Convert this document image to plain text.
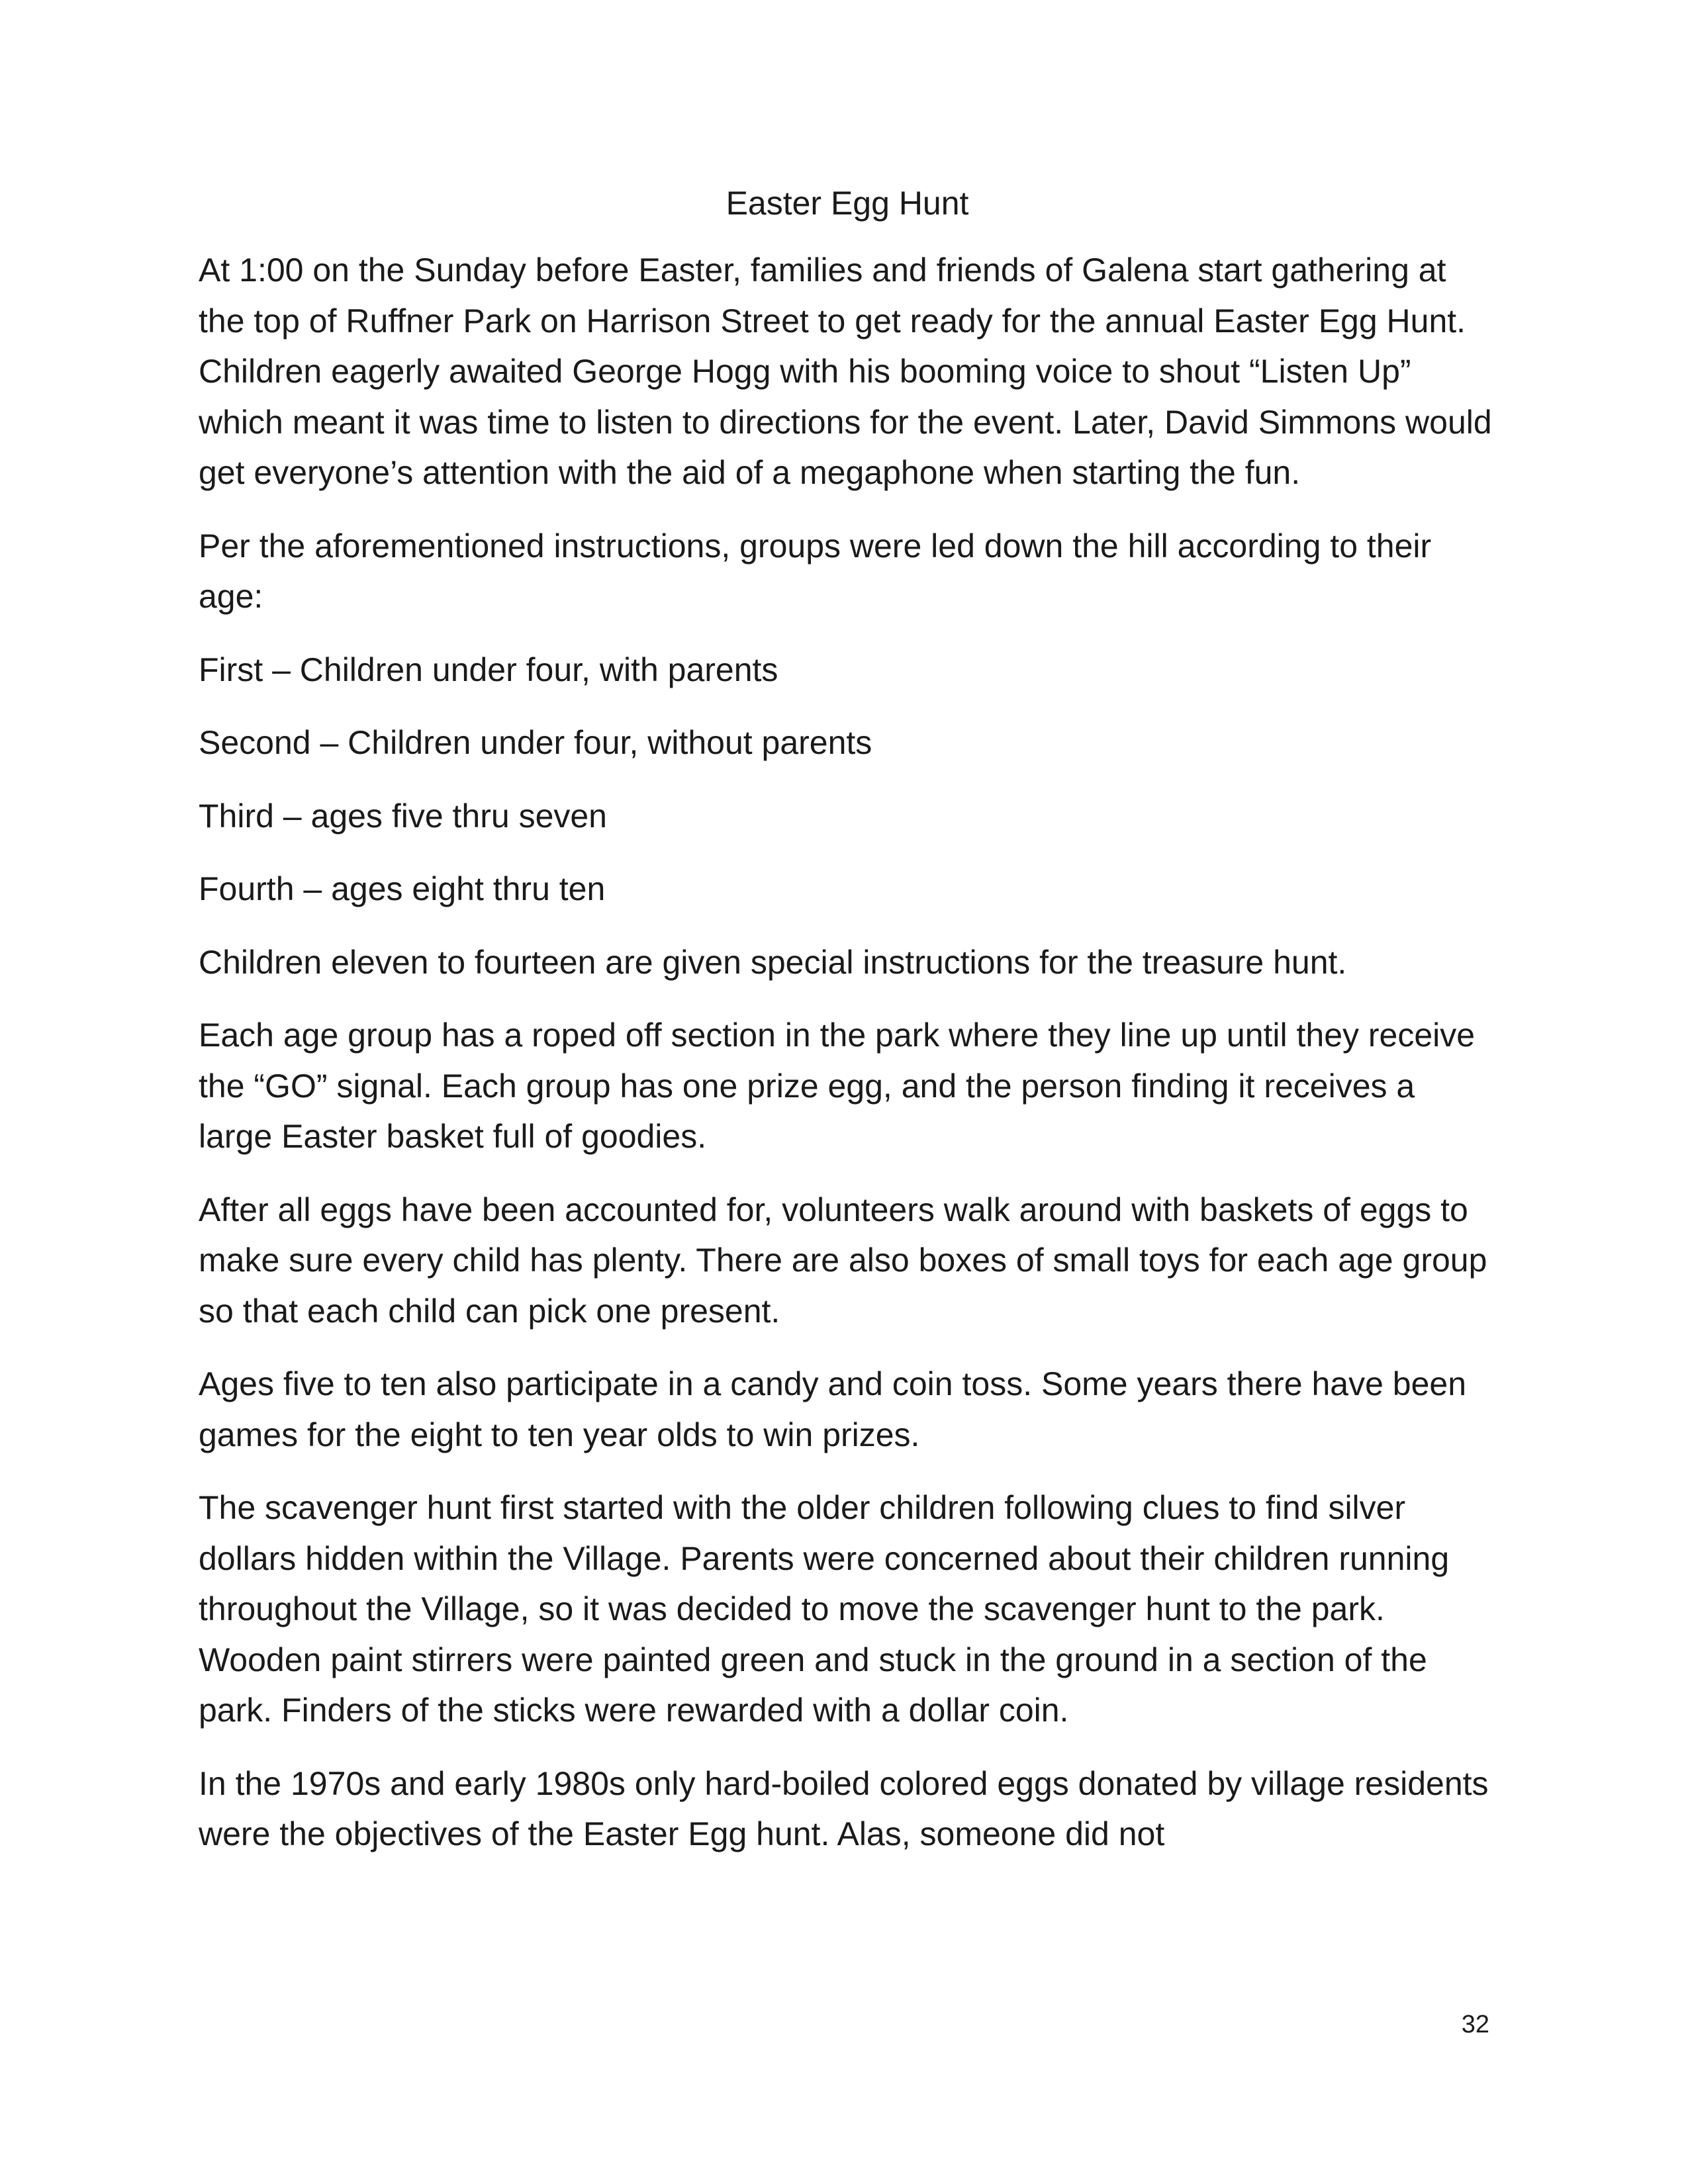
Easter Egg Hunt

At 1:00 on the Sunday before Easter, families and friends of Galena start gathering at the top of Ruffner Park on Harrison Street to get ready for the annual Easter Egg Hunt. Children eagerly awaited George Hogg with his booming voice to shout “Listen Up” which meant it was time to listen to directions for the event. Later, David Simmons would get everyone’s attention with the aid of a megaphone when starting the fun.

Per the aforementioned instructions, groups were led down the hill according to their age:

First – Children under four, with parents

Second – Children under four, without parents

Third – ages five thru seven

Fourth – ages eight thru ten

Children eleven to fourteen are given special instructions for the treasure hunt.

Each age group has a roped off section in the park where they line up until they receive the “GO” signal. Each group has one prize egg, and the person finding it receives a large Easter basket full of goodies.

After all eggs have been accounted for, volunteers walk around with baskets of eggs to make sure every child has plenty. There are also boxes of small toys for each age group so that each child can pick one present.

Ages five to ten also participate in a candy and coin toss. Some years there have been games for the eight to ten year olds to win prizes.

The scavenger hunt first started with the older children following clues to find silver dollars hidden within the Village. Parents were concerned about their children running throughout the Village, so it was decided to move the scavenger hunt to the park. Wooden paint stirrers were painted green and stuck in the ground in a section of the park. Finders of the sticks were rewarded with a dollar coin.

In the 1970s and early 1980s only hard-boiled colored eggs donated by village residents were the objectives of the Easter Egg hunt. Alas, someone did not

32
